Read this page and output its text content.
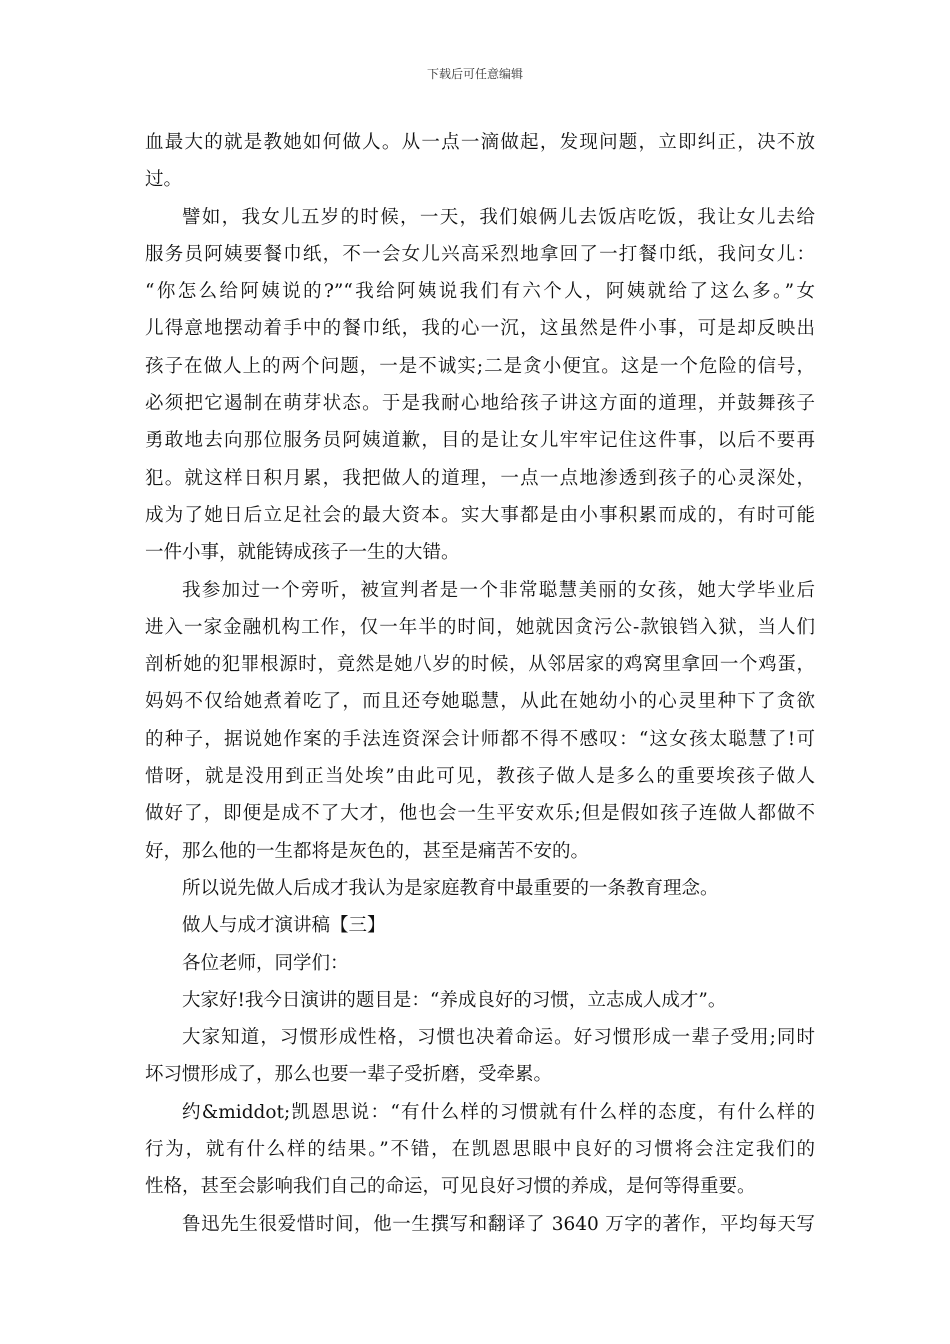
下载后可任意编辑
血最大的就是教她如何做人。从一点一滴做起，发现问题，立即纠正，决不放
过。
譬如，我女儿五岁的时候，一天，我们娘俩儿去饭店吃饭，我让女儿去给
服务员阿姨要餐巾纸，不一会女儿兴高采烈地拿回了一打餐巾纸，我问女儿：
“你怎么给阿姨说的?”“我给阿姨说我们有六个人，阿姨就给了这么多。”女
儿得意地摆动着手中的餐巾纸，我的心一沉，这虽然是件小事，可是却反映出
孩子在做人上的两个问题，一是不诚实;二是贪小便宜。这是一个危险的信号，
必须把它遏制在萌芽状态。于是我耐心地给孩子讲这方面的道理，并鼓舞孩子
勇敢地去向那位服务员阿姨道歉，目的是让女儿牢牢记住这件事，以后不要再
犯。就这样日积月累，我把做人的道理，一点一点地渗透到孩子的心灵深处，
成为了她日后立足社会的最大资本。实大事都是由小事积累而成的，有时可能
一件小事，就能铸成孩子一生的大错。
我参加过一个旁听，被宣判者是一个非常聪慧美丽的女孩，她大学毕业后
进入一家金融机构工作，仅一年半的时间，她就因贪污公-款锒铛入狱，当人们
剖析她的犯罪根源时，竟然是她八岁的时候，从邻居家的鸡窝里拿回一个鸡蛋，
妈妈不仅给她煮着吃了，而且还夸她聪慧，从此在她幼小的心灵里种下了贪欲
的种子，据说她作案的手法连资深会计师都不得不感叹：“这女孩太聪慧了!可
惜呀，就是没用到正当处埃”由此可见，教孩子做人是多么的重要埃孩子做人
做好了，即便是成不了大才，他也会一生平安欢乐;但是假如孩子连做人都做不
好，那么他的一生都将是灰色的，甚至是痛苦不安的。
所以说先做人后成才我认为是家庭教育中最重要的一条教育理念。
做人与成才演讲稿【三】
各位老师，同学们：
大家好!我今日演讲的题目是：“养成良好的习惯，立志成人成才”。
大家知道，习惯形成性格，习惯也决着命运。好习惯形成一辈子受用;同时
坏习惯形成了，那么也要一辈子受折磨，受牵累。
约&middot;凯恩思说：“有什么样的习惯就有什么样的态度，有什么样的
行为，就有什么样的结果。”不错，在凯恩思眼中良好的习惯将会注定我们的
性格，甚至会影响我们自己的命运，可见良好习惯的养成，是何等得重要。
鲁迅先生很爱惜时间，他一生撰写和翻译了 3640 万字的著作，平均每天写
